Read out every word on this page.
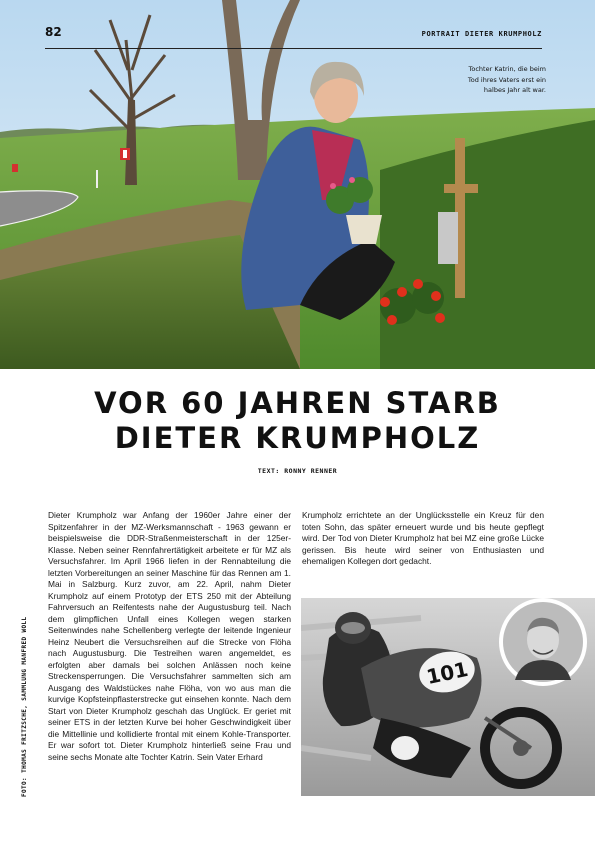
82	PORTRAIT DIETER KRUMPHOLZ
Tochter Katrin, die beim Tod ihres Vaters erst ein halbes Jahr alt war.
VOR 60 JAHREN STARB
DIETER KRUMPHOLZ
TEXT: RONNY RENNER
Dieter Krumpholz war Anfang der 1960er Jahre einer der Spitzenfahrer in der MZ-Werksmannschaft - 1963 gewann er beispielsweise die DDR-Straßenmeisterschaft in der 125er-Klasse. Neben seiner Rennfahrertätigkeit arbeitete er für MZ als Versuchsfahrer. Im April 1966 liefen in der Rennabteilung die letzten Vorbereitungen an seiner Maschine für das Rennen am 1. Mai in Salzburg. Kurz zuvor, am 22. April, nahm Dieter Krumpholz auf einem Prototyp der ETS 250 mit der Abteilung Fahrversuch an Reifentests nahe der Augustusburg teil. Nach dem glimpflichen Unfall eines Kollegen wegen starken Seitenwindes nahe Schellenberg verlegte der leitende Ingenieur Heinz Neubert die Versuchsreihen auf die Strecke von Flöha nach Augustusburg. Die Testreihen waren angemeldet, es erfolgten aber damals bei solchen Anlässen noch keine Streckensperrungen. Die Versuchsfahrer sammelten sich am Ausgang des Waldstückes nahe Flöha, von wo aus man die kurvige Kopfsteinpflasterstrecke gut einsehen konnte. Nach dem Start von Dieter Krumpholz geschah das Unglück. Er geriet mit seiner ETS in der letzten Kurve bei hoher Geschwindigkeit über die Mittellinie und kollidierte frontal mit einem Kohle-Transporter. Er war sofort tot. Dieter Krumpholz hinterließ seine Frau und seine sechs Monate alte Tochter Katrin. Sein Vater Erhard
Krumpholz errichtete an der Unglücksstelle ein Kreuz für den toten Sohn, das später erneuert wurde und bis heute gepflegt wird. Der Tod von Dieter Krumpholz hat bei MZ eine große Lücke gerissen. Bis heute wird seiner von Enthusiasten und ehemaligen Kollegen dort gedacht.
FOTO: THOMAS FRITZSCHE, SAMMLUNG MANFRED WOLL	101
